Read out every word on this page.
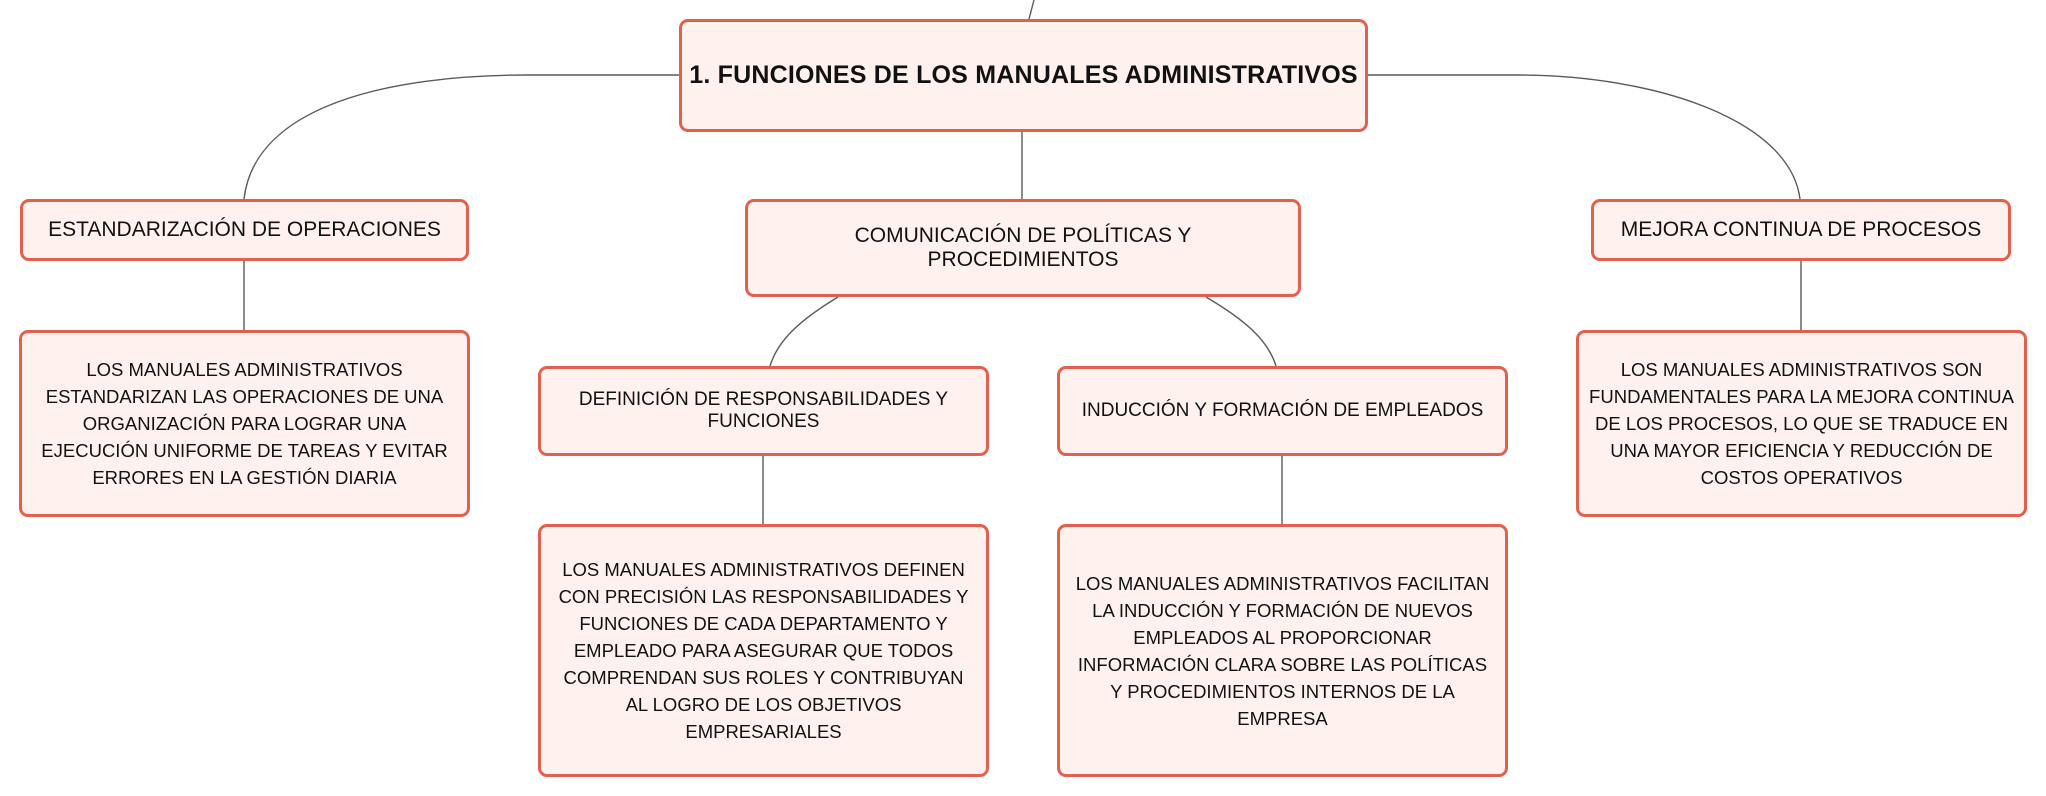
1. FUNCIONES DE LOS MANUALES ADMINISTRATIVOS
ESTANDARIZACIÓN DE OPERACIONES	COMUNICACIÓN DE POLÍTICAS Y PROCEDIMIENTOS
MEJORA CONTINUA DE PROCESOS
LOS MANUALES ADMINISTRATIVOS ESTANDARIZAN LAS OPERACIONES DE UNA ORGANIZACIÓN PARA LOGRAR UNA EJECUCIÓN UNIFORME DE TAREAS Y EVITAR ERRORES EN LA GESTIÓN DIARIA
DEFINICIÓN DE RESPONSABILIDADES Y FUNCIONES
INDUCCIÓN Y FORMACIÓN DE EMPLEADOS
LOS MANUALES ADMINISTRATIVOS SON FUNDAMENTALES PARA LA MEJORA CONTINUA DE LOS PROCESOS, LO QUE SE TRADUCE EN UNA MAYOR EFICIENCIA Y REDUCCIÓN DE COSTOS OPERATIVOS
LOS MANUALES ADMINISTRATIVOS DEFINEN CON PRECISIÓN LAS RESPONSABILIDADES Y FUNCIONES DE CADA DEPARTAMENTO Y EMPLEADO PARA ASEGURAR QUE TODOS COMPRENDAN SUS ROLES Y CONTRIBUYAN AL LOGRO DE LOS OBJETIVOS EMPRESARIALES
LOS MANUALES ADMINISTRATIVOS FACILITAN LA INDUCCIÓN Y FORMACIÓN DE NUEVOS EMPLEADOS AL PROPORCIONAR INFORMACIÓN CLARA SOBRE LAS POLÍTICAS Y PROCEDIMIENTOS INTERNOS DE LA EMPRESA
